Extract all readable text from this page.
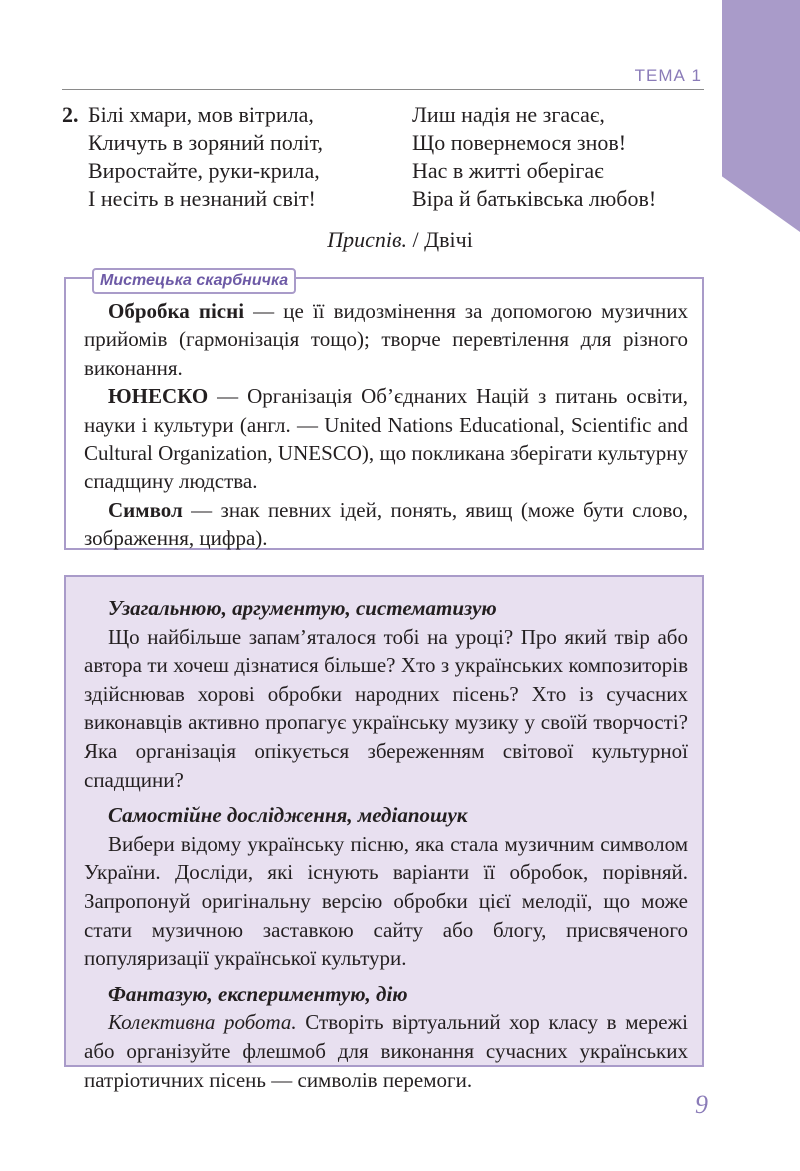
ТЕМА 1
2. Білі хмари, мов вітрила,
Кличуть в зоряний політ,
Виростайте, руки-крила,
І несіть в незнаний світ!
Лиш надія не згасає,
Що повернемося знов!
Нас в житті оберігає
Віра й батьківська любов!
Приспів. / Двічі
Мистецька скарбничка

Обробка пісні — це її видозмінення за допомогою музичних прийомів (гармонізація тощо); творче перевтілення для різного виконання.

ЮНЕСКО — Організація Об’єднаних Націй з питань освіти, науки і культури (англ. — United Nations Educational, Scientific and Cultural Organization, UNESCO), що покликана зберігати культурну спадщину людства.

Символ — знак певних ідей, понять, явищ (може бути слово, зображення, цифра).

Узагальнюю, аргументую, систематизую

Що найбільше запам’яталося тобі на уроці? Про який твір або автора ти хочеш дізнатися більше? Хто з українських композиторів здійснював хорові обробки народних пісень? Хто із сучасних виконавців активно пропагує українську музику у своїй творчості? Яка організація опікується збереженням світової культурної спадщини?

Самостійне дослідження, медіапошук

Вибери відому українську пісню, яка стала музичним символом України. Досліди, які існують варіанти її обробок, порівняй. Запропонуй оригінальну версію обробки цієї мелодії, що може стати музичною заставкою сайту або блогу, присвяченого популяризації української культури.

Фантазую, експериментую, дію

Колективна робота. Створіть віртуальний хор класу в мережі або організуйте флешмоб для виконання сучасних українських патріотичних пісень — символів перемоги.

9
